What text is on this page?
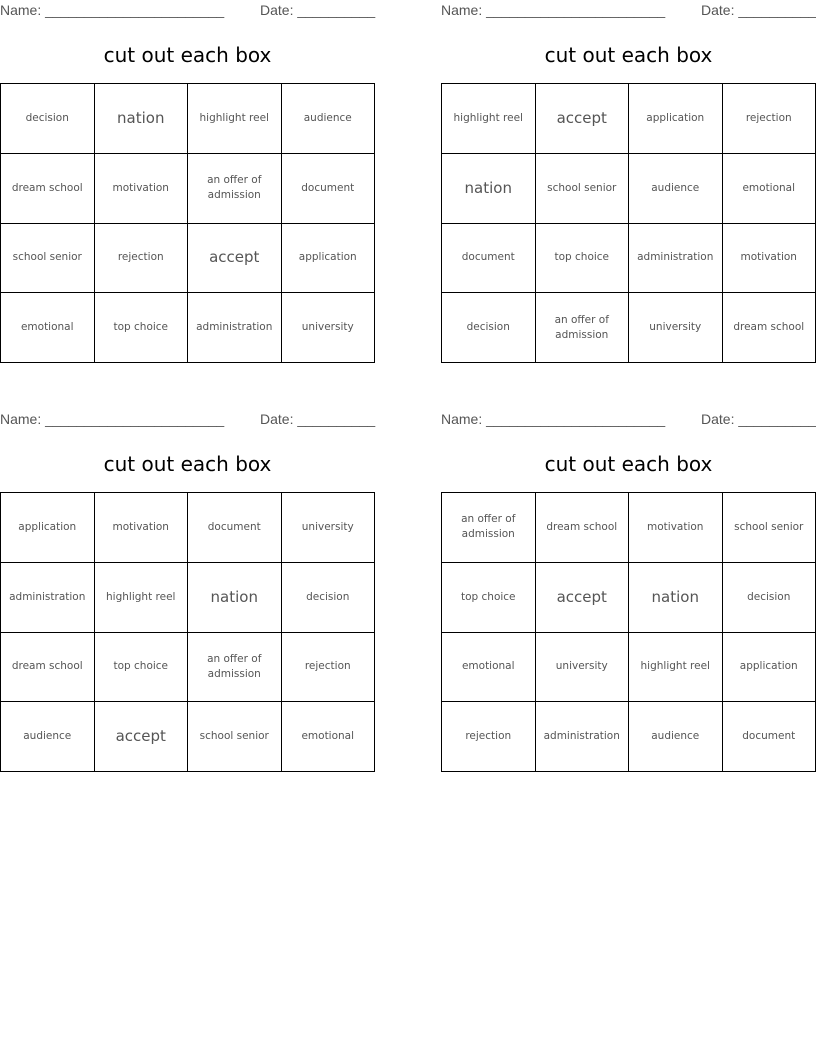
Name: _______________________	Date: __________
cut out each box
decision	nation	highlight reel	audience
dream school	motivation	an offer of admission	document
school senior	rejection	accept	application
emotional	top choice	administration	university
Name: _______________________	Date: __________
cut out each box
highlight reel	accept	application	rejection
nation	school senior	audience	emotional
document	top choice	administration	motivation
decision	an offer of admission	university	dream school
Name: _______________________	Date: __________
cut out each box
application	motivation	document	university
administration	highlight reel	nation	decision
dream school	top choice	an offer of admission	rejection
audience	accept	school senior	emotional
Name: _______________________	Date: __________
cut out each box
an offer of admission	dream school	motivation	school senior
top choice	accept	nation	decision
emotional	university	highlight reel	application
rejection	administration	audience	document
